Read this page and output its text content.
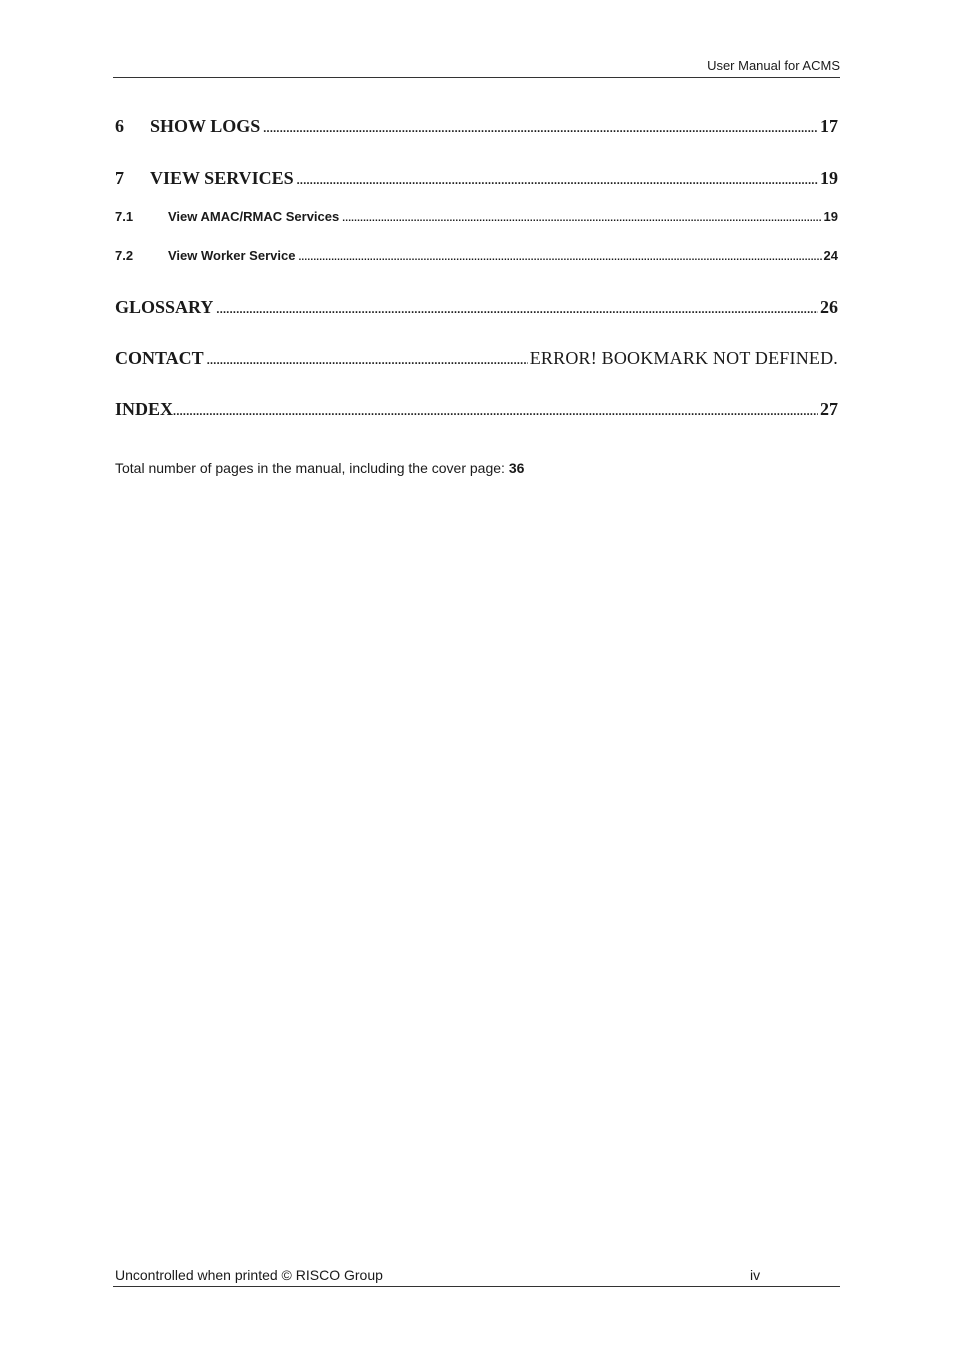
User Manual for ACMS
6	SHOW LOGS .....	17
7	VIEW SERVICES .....	19
7.1	View AMAC/RMAC Services .....	19
7.2	View Worker Service .....	24
GLOSSARY .....	26
CONTACT .....	ERROR! BOOKMARK NOT DEFINED.
INDEX .....	27
Total number of pages in the manual, including the cover page: 36
Uncontrolled when printed © RISCO Group	iv
